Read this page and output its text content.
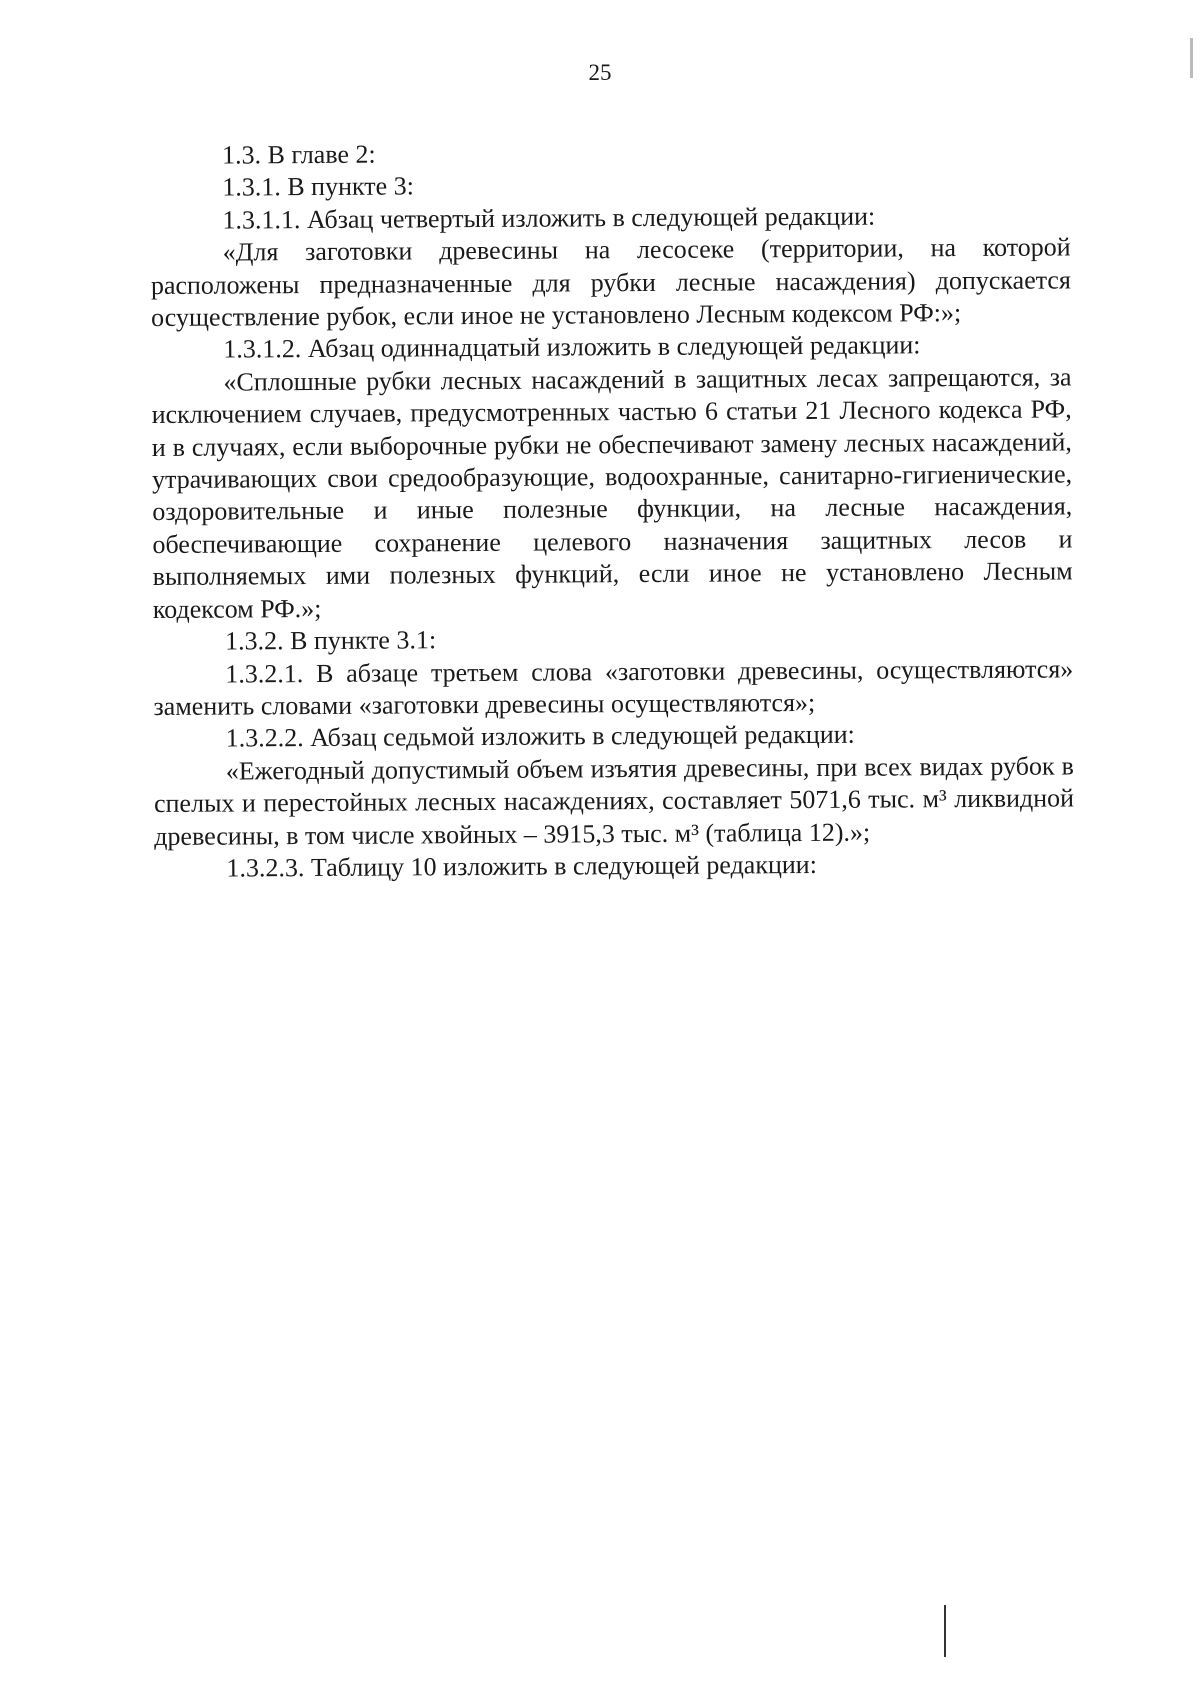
25

1.3. В главе 2:

1.3.1. В пункте 3:

1.3.1.1. Абзац четвертый изложить в следующей редакции:

«Для заготовки древесины на лесосеке (территории, на которой расположены предназначенные для рубки лесные насаждения) допускается осуществление рубок, если иное не установлено Лесным кодексом РФ:»;

1.3.1.2. Абзац одиннадцатый изложить в следующей редакции:

«Сплошные рубки лесных насаждений в защитных лесах запрещаются, за исключением случаев, предусмотренных частью 6 статьи 21 Лесного кодекса РФ, и в случаях, если выборочные рубки не обеспечивают замену лесных насаждений, утрачивающих свои средообразующие, водоохранные, санитарно-гигиенические, оздоровительные и иные полезные функции, на лесные насаждения, обеспечивающие сохранение целевого назначения защитных лесов и выполняемых ими полезных функций, если иное не установлено Лесным кодексом РФ.»;

1.3.2. В пункте 3.1:

1.3.2.1. В абзаце третьем слова «заготовки древесины, осуществляются» заменить словами «заготовки древесины осуществляются»;

1.3.2.2. Абзац седьмой изложить в следующей редакции:

«Ежегодный допустимый объем изъятия древесины, при всех видах рубок в спелых и перестойных лесных насаждениях, составляет 5071,6 тыс. м³ ликвидной древесины, в том числе хвойных – 3915,3 тыс. м³ (таблица 12).»;

1.3.2.3. Таблицу 10 изложить в следующей редакции:
